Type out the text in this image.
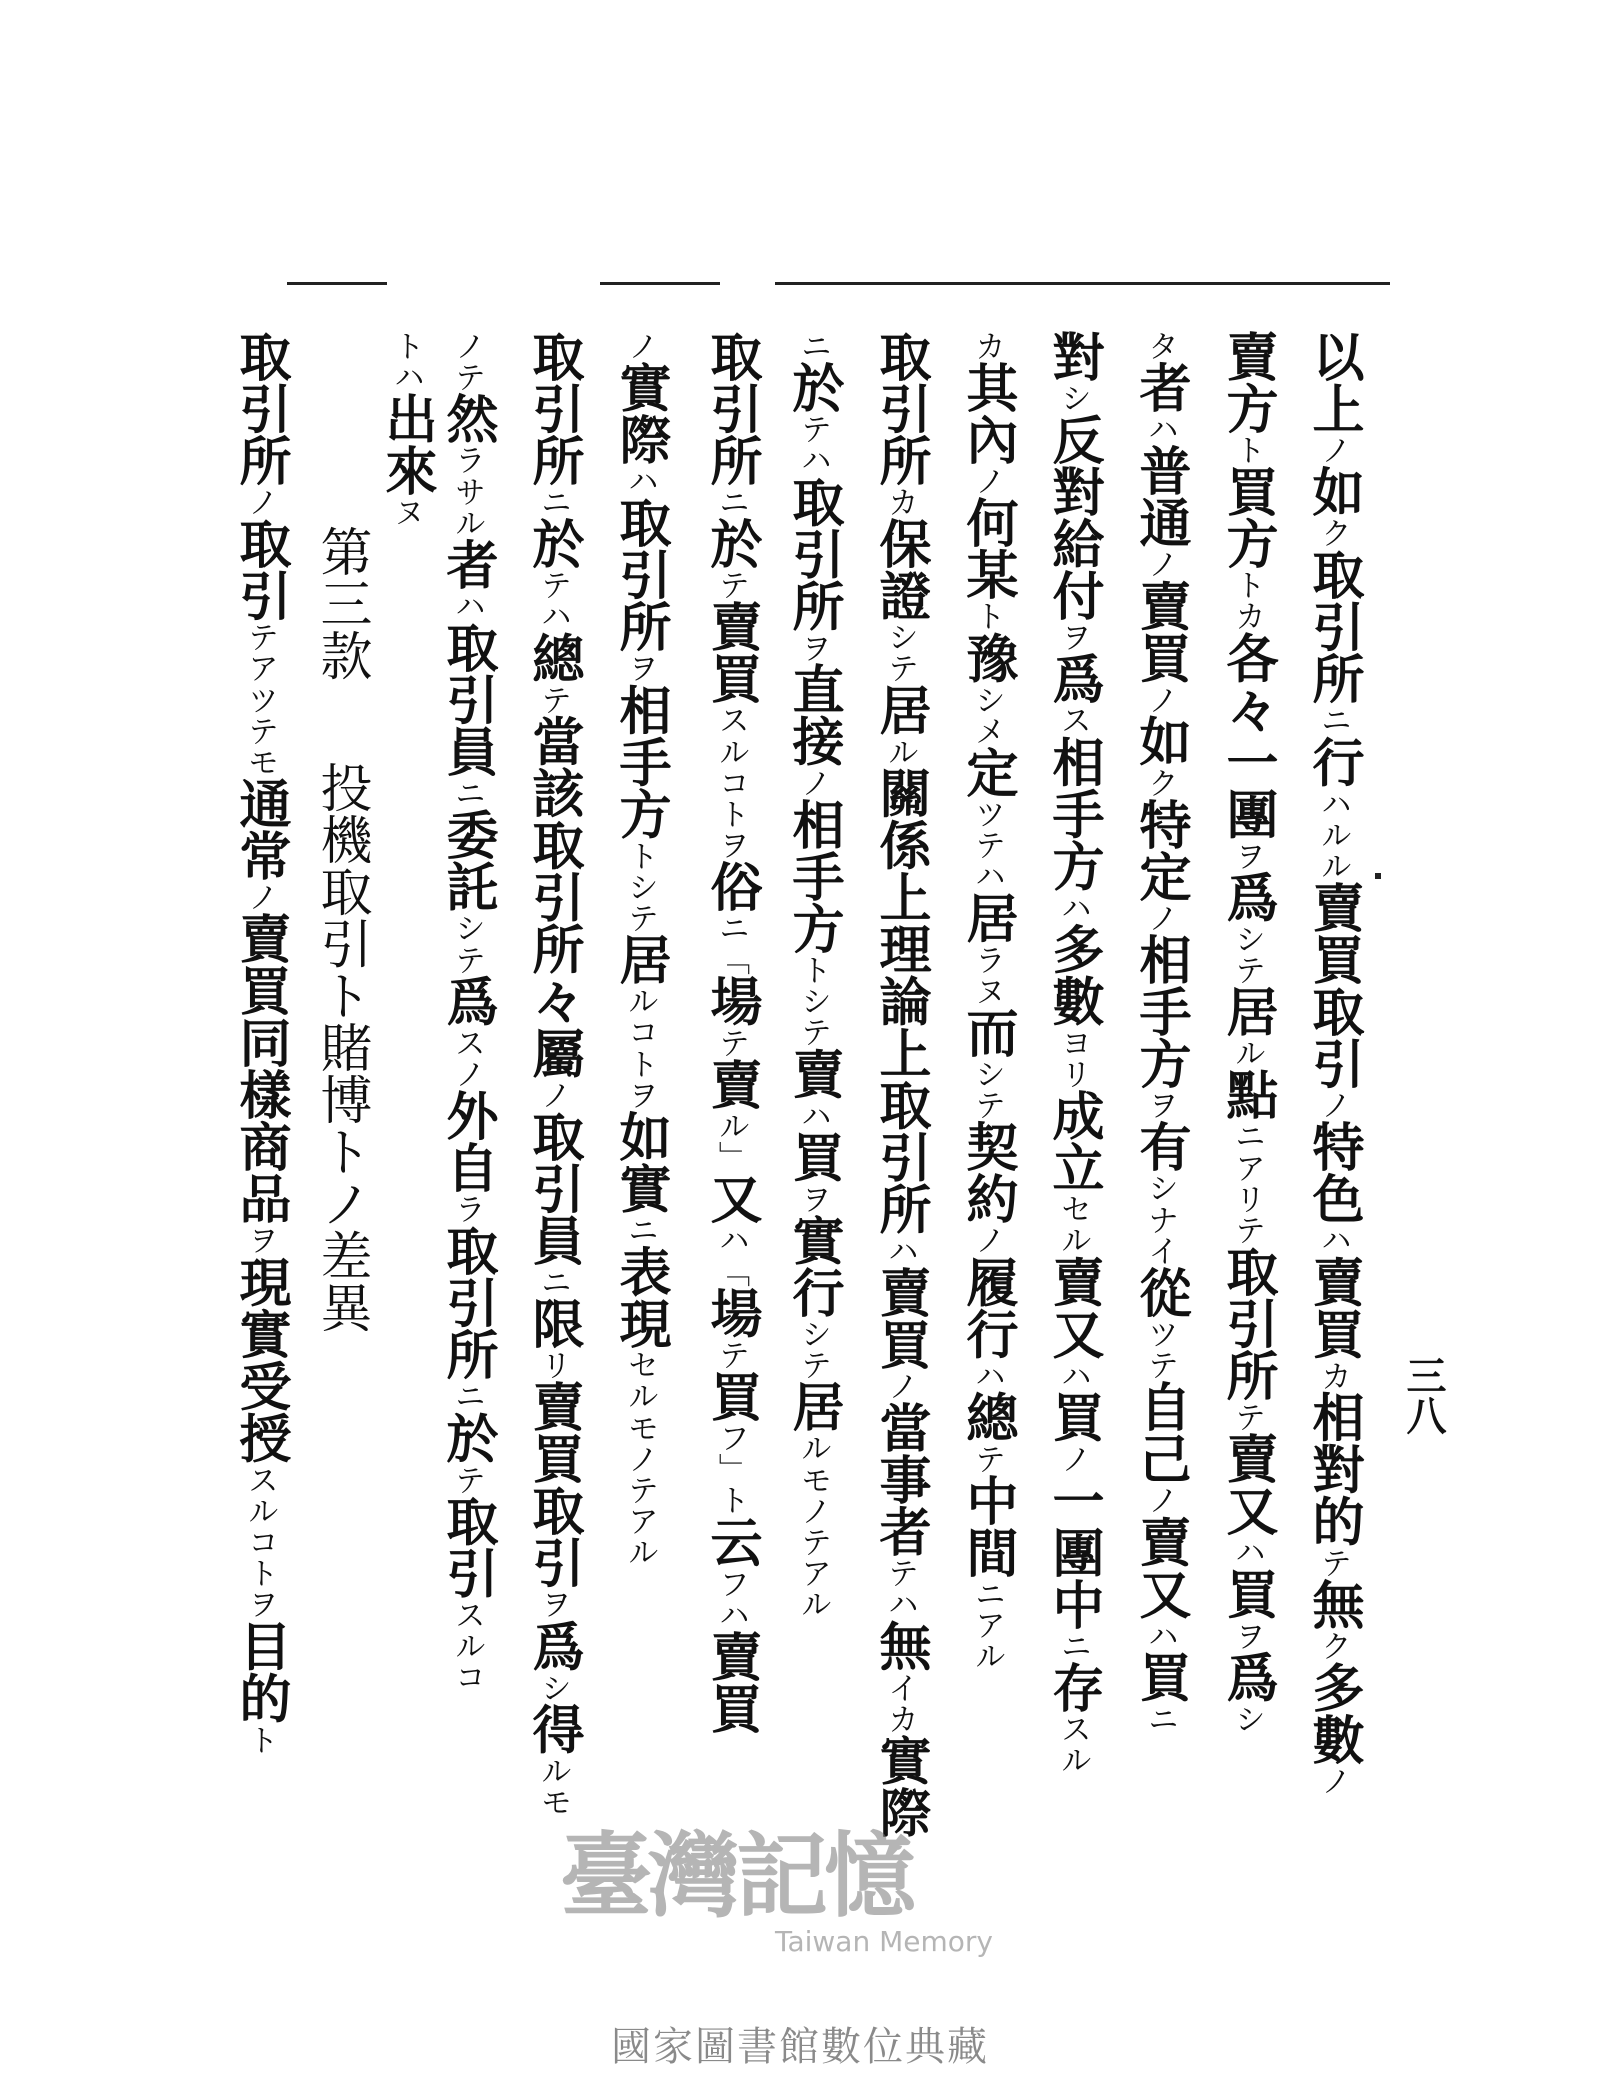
三八
以上ノ如ク取引所ニ行ハルル賣買取引ノ特色ハ賣買カ相對的テ無ク多數ノ
賣方ト買方トカ各々一團ヲ爲シテ居ル點ニアリテ取引所テ賣又ハ買ヲ爲シ
タ者ハ普通ノ賣買ノ如ク特定ノ相手方ヲ有シナイ從ツテ自己ノ賣又ハ買ニ
對シ反對給付ヲ爲ス相手方ハ多數ヨリ成立セル賣又ハ買ノ一團中ニ存スル
カ其內ノ何某ト豫シメ定ツテハ居ラヌ而シテ契約ノ履行ハ總テ中間ニアル
取引所カ保證シテ居ル關係上理論上取引所ハ賣買ノ當事者テハ無イカ實際
ニ於テハ取引所ヲ直接ノ相手方トシテ賣ハ買ヲ實行シテ居ルモノテアル
取引所ニ於テ賣買スルコトヲ俗ニ「場テ賣ル」又ハ「場テ買フ」ト云フハ賣買
ノ實際ハ取引所ヲ相手方トシテ居ルコトヲ如實ニ表現セルモノテアル
取引所ニ於テハ總テ當該取引所々屬ノ取引員ニ限リ賣買取引ヲ爲シ得ルモ
ノテ然ラサル者ハ取引員ニ委託シテ爲スノ外自ラ取引所ニ於テ取引スルコ
トハ出來ヌ
第三款投機取引ト賭博トノ差異
取引所ノ取引テアツテモ通常ノ賣買同樣商品ヲ現實受授スルコトヲ目的ト
臺灣記憶
Taiwan Memory
國家圖書館數位典藏
